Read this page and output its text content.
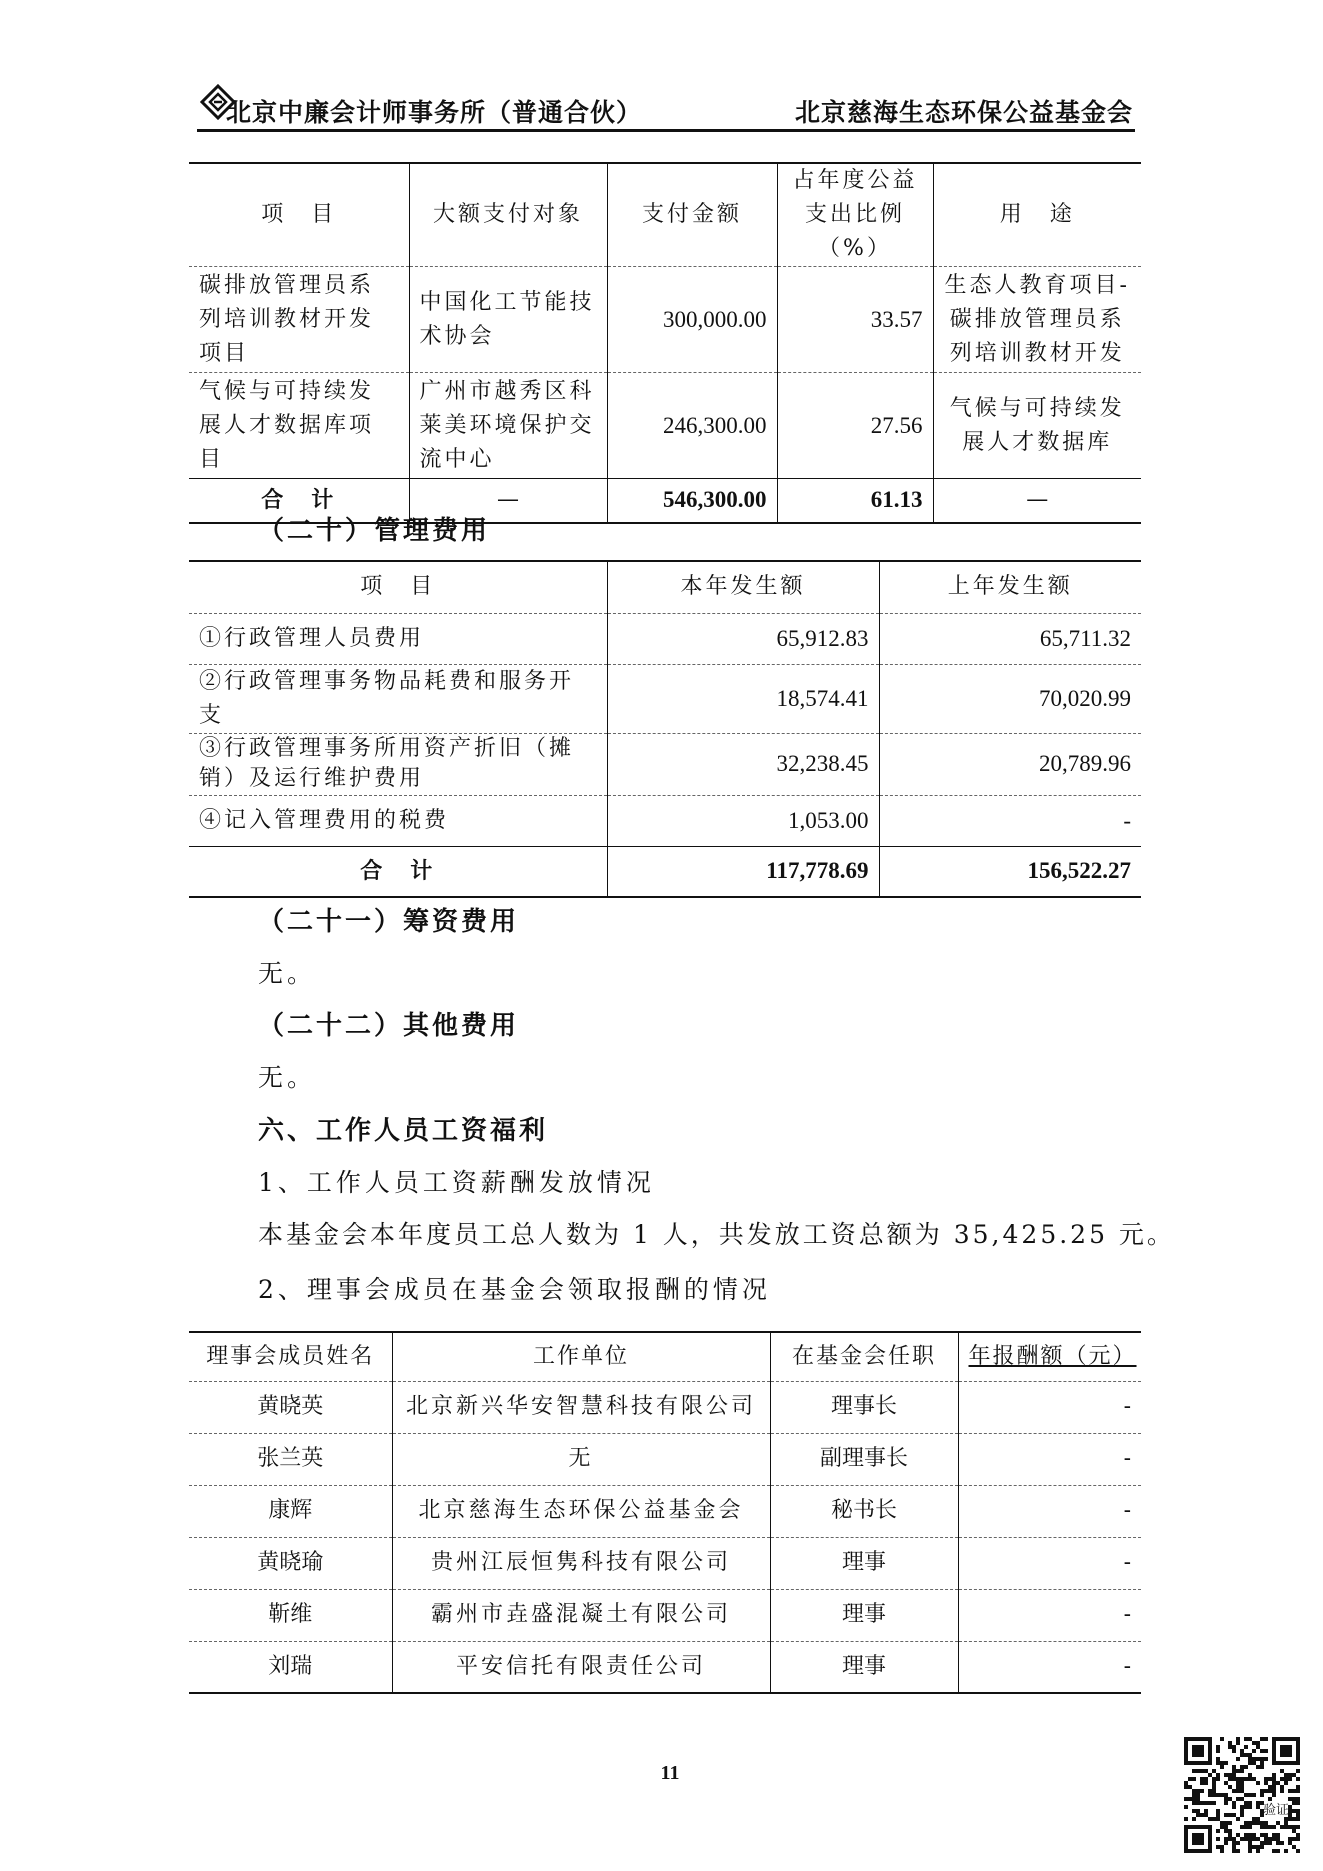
北京中廉会计师事务所（普通合伙）	北京慈海生态环保公益基金会
项　目	大额支付对象	支付金额	占年度公益支出比例（%）	用　途
碳排放管理员系列培训教材开发项目	中国化工节能技术协会	300,000.00	33.57	生态人教育项目-碳排放管理员系列培训教材开发
气候与可持续发展人才数据库项目	广州市越秀区科莱美环境保护交流中心	246,300.00	27.56	气候与可持续发展人才数据库
合　计	—	546,300.00	61.13	—
（二十）管理费用
项　目	本年发生额	上年发生额
①行政管理人员费用	65,912.83	65,711.32
②行政管理事务物品耗费和服务开支	18,574.41	70,020.99
③行政管理事务所用资产折旧（摊销）及运行维护费用	32,238.45	20,789.96
④记入管理费用的税费	1,053.00	-
合　计	117,778.69	156,522.27
（二十一）筹资费用
无。
（二十二）其他费用
无。
六、工作人员工资福利
1、工作人员工资薪酬发放情况
本基金会本年度员工总人数为 1 人，共发放工资总额为 35,425.25 元。
2、理事会成员在基金会领取报酬的情况
理事会成员姓名	工作单位	在基金会任职	年报酬额（元）
黄晓英	北京新兴华安智慧科技有限公司	理事长	-
张兰英	无	副理事长	-
康辉	北京慈海生态环保公益基金会	秘书长	-
黄晓瑜	贵州江辰恒隽科技有限公司	理事	-
靳维	霸州市垚盛混凝土有限公司	理事	-
刘瑞	平安信托有限责任公司	理事	-
11
验证
